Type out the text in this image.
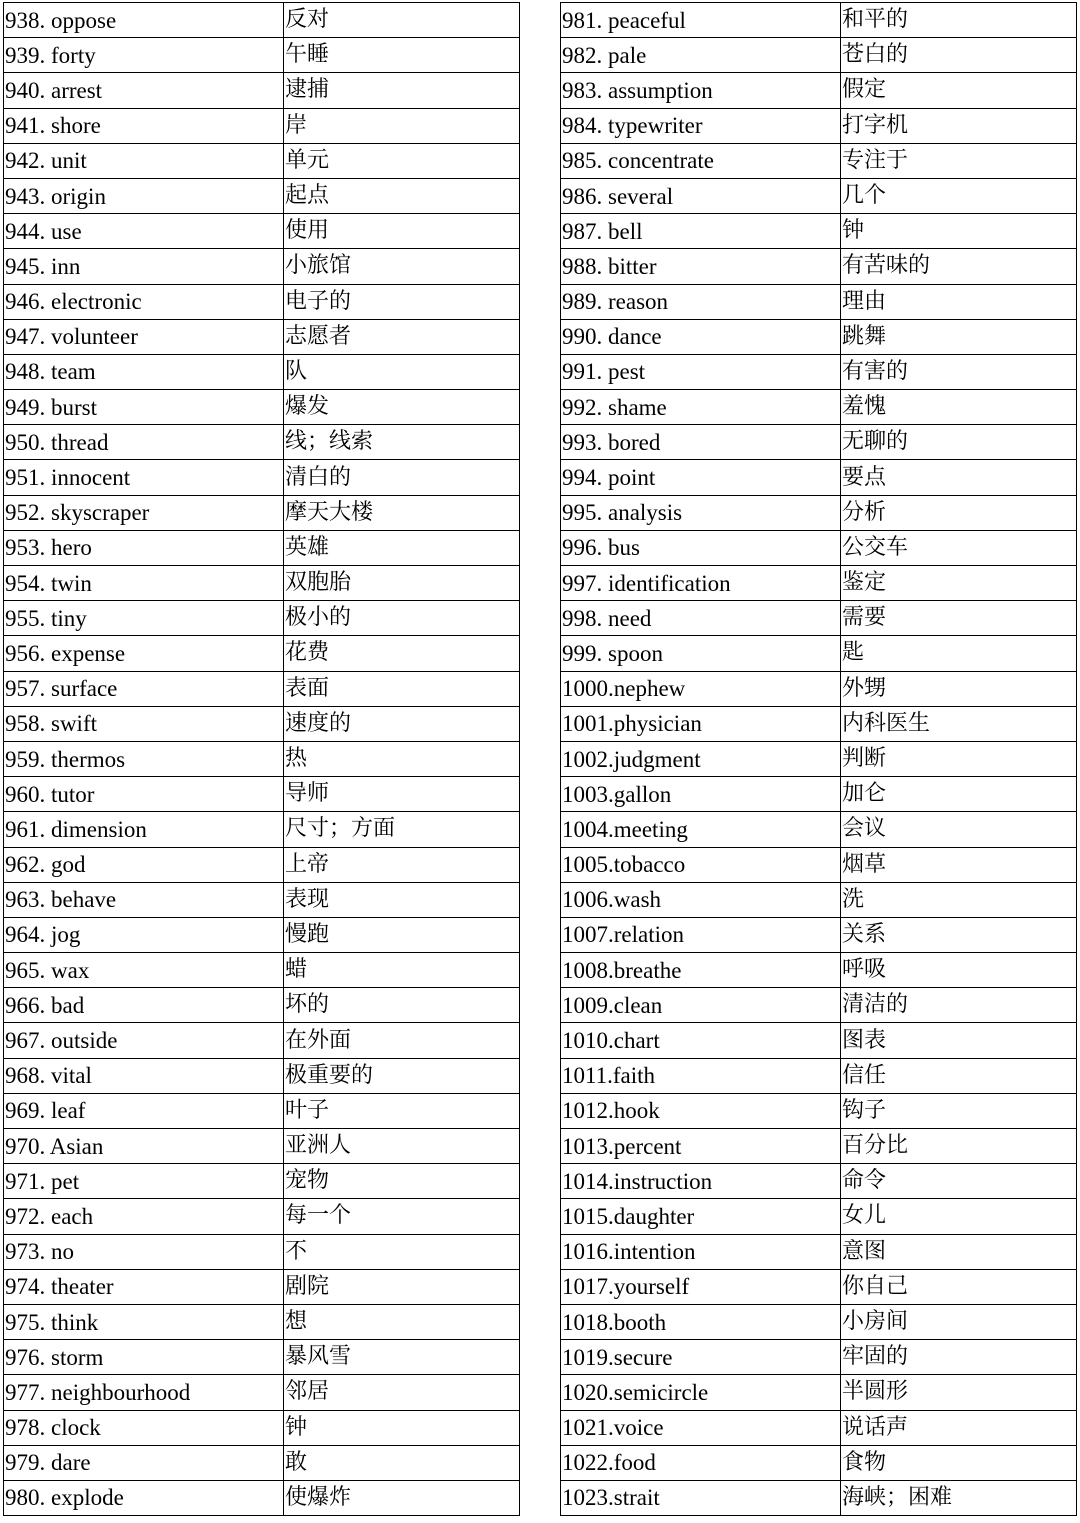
938. oppose	反对
939. forty	午睡
940. arrest	逮捕
941. shore	岸
942. unit	单元
943. origin	起点
944. use	使用
945. inn	小旅馆
946. electronic	电子的
947. volunteer	志愿者
948. team	队
949. burst	爆发
950. thread	线；线索
951. innocent	清白的
952. skyscraper	摩天大楼
953. hero	英雄
954. twin	双胞胎
955. tiny	极小的
956. expense	花费
957. surface	表面
958. swift	速度的
959. thermos	热
960. tutor	导师
961. dimension	尺寸；方面
962. god	上帝
963. behave	表现
964. jog	慢跑
965. wax	蜡
966. bad	坏的
967. outside	在外面
968. vital	极重要的
969. leaf	叶子
970. Asian	亚洲人
971. pet	宠物
972. each	每一个
973. no	不
974. theater	剧院
975. think	想
976. storm	暴风雪
977. neighbourhood	邻居
978. clock	钟
979. dare	敢
980. explode	使爆炸
981. peaceful	和平的
982. pale	苍白的
983. assumption	假定
984. typewriter	打字机
985. concentrate	专注于
986. several	几个
987. bell	钟
988. bitter	有苦味的
989. reason	理由
990. dance	跳舞
991. pest	有害的
992. shame	羞愧
993. bored	无聊的
994. point	要点
995. analysis	分析
996. bus	公交车
997. identification	鉴定
998. need	需要
999. spoon	匙
1000.nephew	外甥
1001.physician	内科医生
1002.judgment	判断
1003.gallon	加仑
1004.meeting	会议
1005.tobacco	烟草
1006.wash	洗
1007.relation	关系
1008.breathe	呼吸
1009.clean	清洁的
1010.chart	图表
1011.faith	信任
1012.hook	钩子
1013.percent	百分比
1014.instruction	命令
1015.daughter	女儿
1016.intention	意图
1017.yourself	你自己
1018.booth	小房间
1019.secure	牢固的
1020.semicircle	半圆形
1021.voice	说话声
1022.food	食物
1023.strait	海峡；困难
